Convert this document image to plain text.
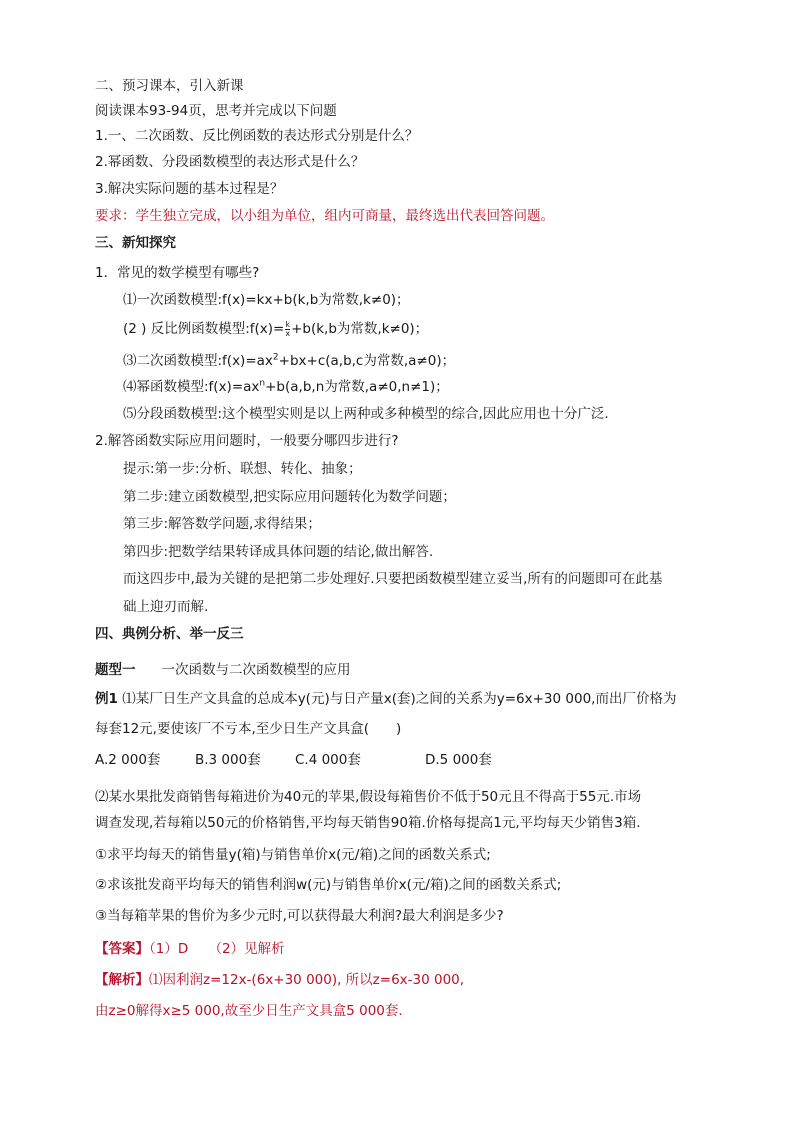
二、预习课本，引入新课
阅读课本93-94页，思考并完成以下问题
1.一、二次函数、反比例函数的表达形式分别是什么？
2.幂函数、分段函数模型的表达形式是什么？
3.解决实际问题的基本过程是？
要求：学生独立完成，以小组为单位，组内可商量，最终选出代表回答问题。
三、新知探究
1．常见的数学模型有哪些?
⑴一次函数模型:f(x)=kx+b(k,b为常数,k≠0)；
(2 ) 反比例函数模型:f(x)= $\frac{k}{x} +b(k,b$为常数,k≠0)；
⑶二次函数模型$:f(x)=ax^2+bx+c(a,b,c$为常数,a≠0)；
⑷幂函数模型$:f(x)=ax^n+b(a,b,n$为常数,a≠0,n≠1)；
⑸分段函数模型:这个模型实则是以上两种或多种模型的综合,因此应用也十分广泛.
2.解答函数实际应用问题时，一般要分哪四步进行?
提示:第一步:分析、联想、转化、抽象；
第二步:建立函数模型,把实际应用问题转化为数学问题；
第三步:解答数学问题,求得结果；
第四步:把数学结果转译成具体问题的结论,做出解答.
而这四步中,最为关键的是把第二步处理好.只要把函数模型建立妥当,所有的问题即可在此基
础上迎刃而解.
四、典例分析、举一反三
题型一 一次函数与二次函数模型的应用
例1 ⑴某厂日生产文具盒的总成本y(元)与日产量x(套)之间的关系为y=6x+30 000,而出厂价格为
每套12元,要使该厂不亏本,至少日生产文具盒(　　)
A.2 000套	B.3 000套	C.4 000套	D.5 000套
⑵某水果批发商销售每箱进价为40元的苹果,假设每箱售价不低于50元且不得高于55元.市场
调查发现,若每箱以50元的价格销售,平均每天销售90箱.价格每提高1元,平均每天少销售3箱.
①求平均每天的销售量y(箱)与销售单价x(元/箱)之间的函数关系式;
②求该批发商平均每天的销售利润w(元)与销售单价x(元/箱)之间的函数关系式;
③当每箱苹果的售价为多少元时,可以获得最大利润?最大利润是多少?
【答案】（1）D　　（2）见解析
【解析】⑴因利润z=12x-(6x+30 000), 所以z=6x-30 000,
由z≥0解得x≥5 000,故至少日生产文具盒5 000套.
